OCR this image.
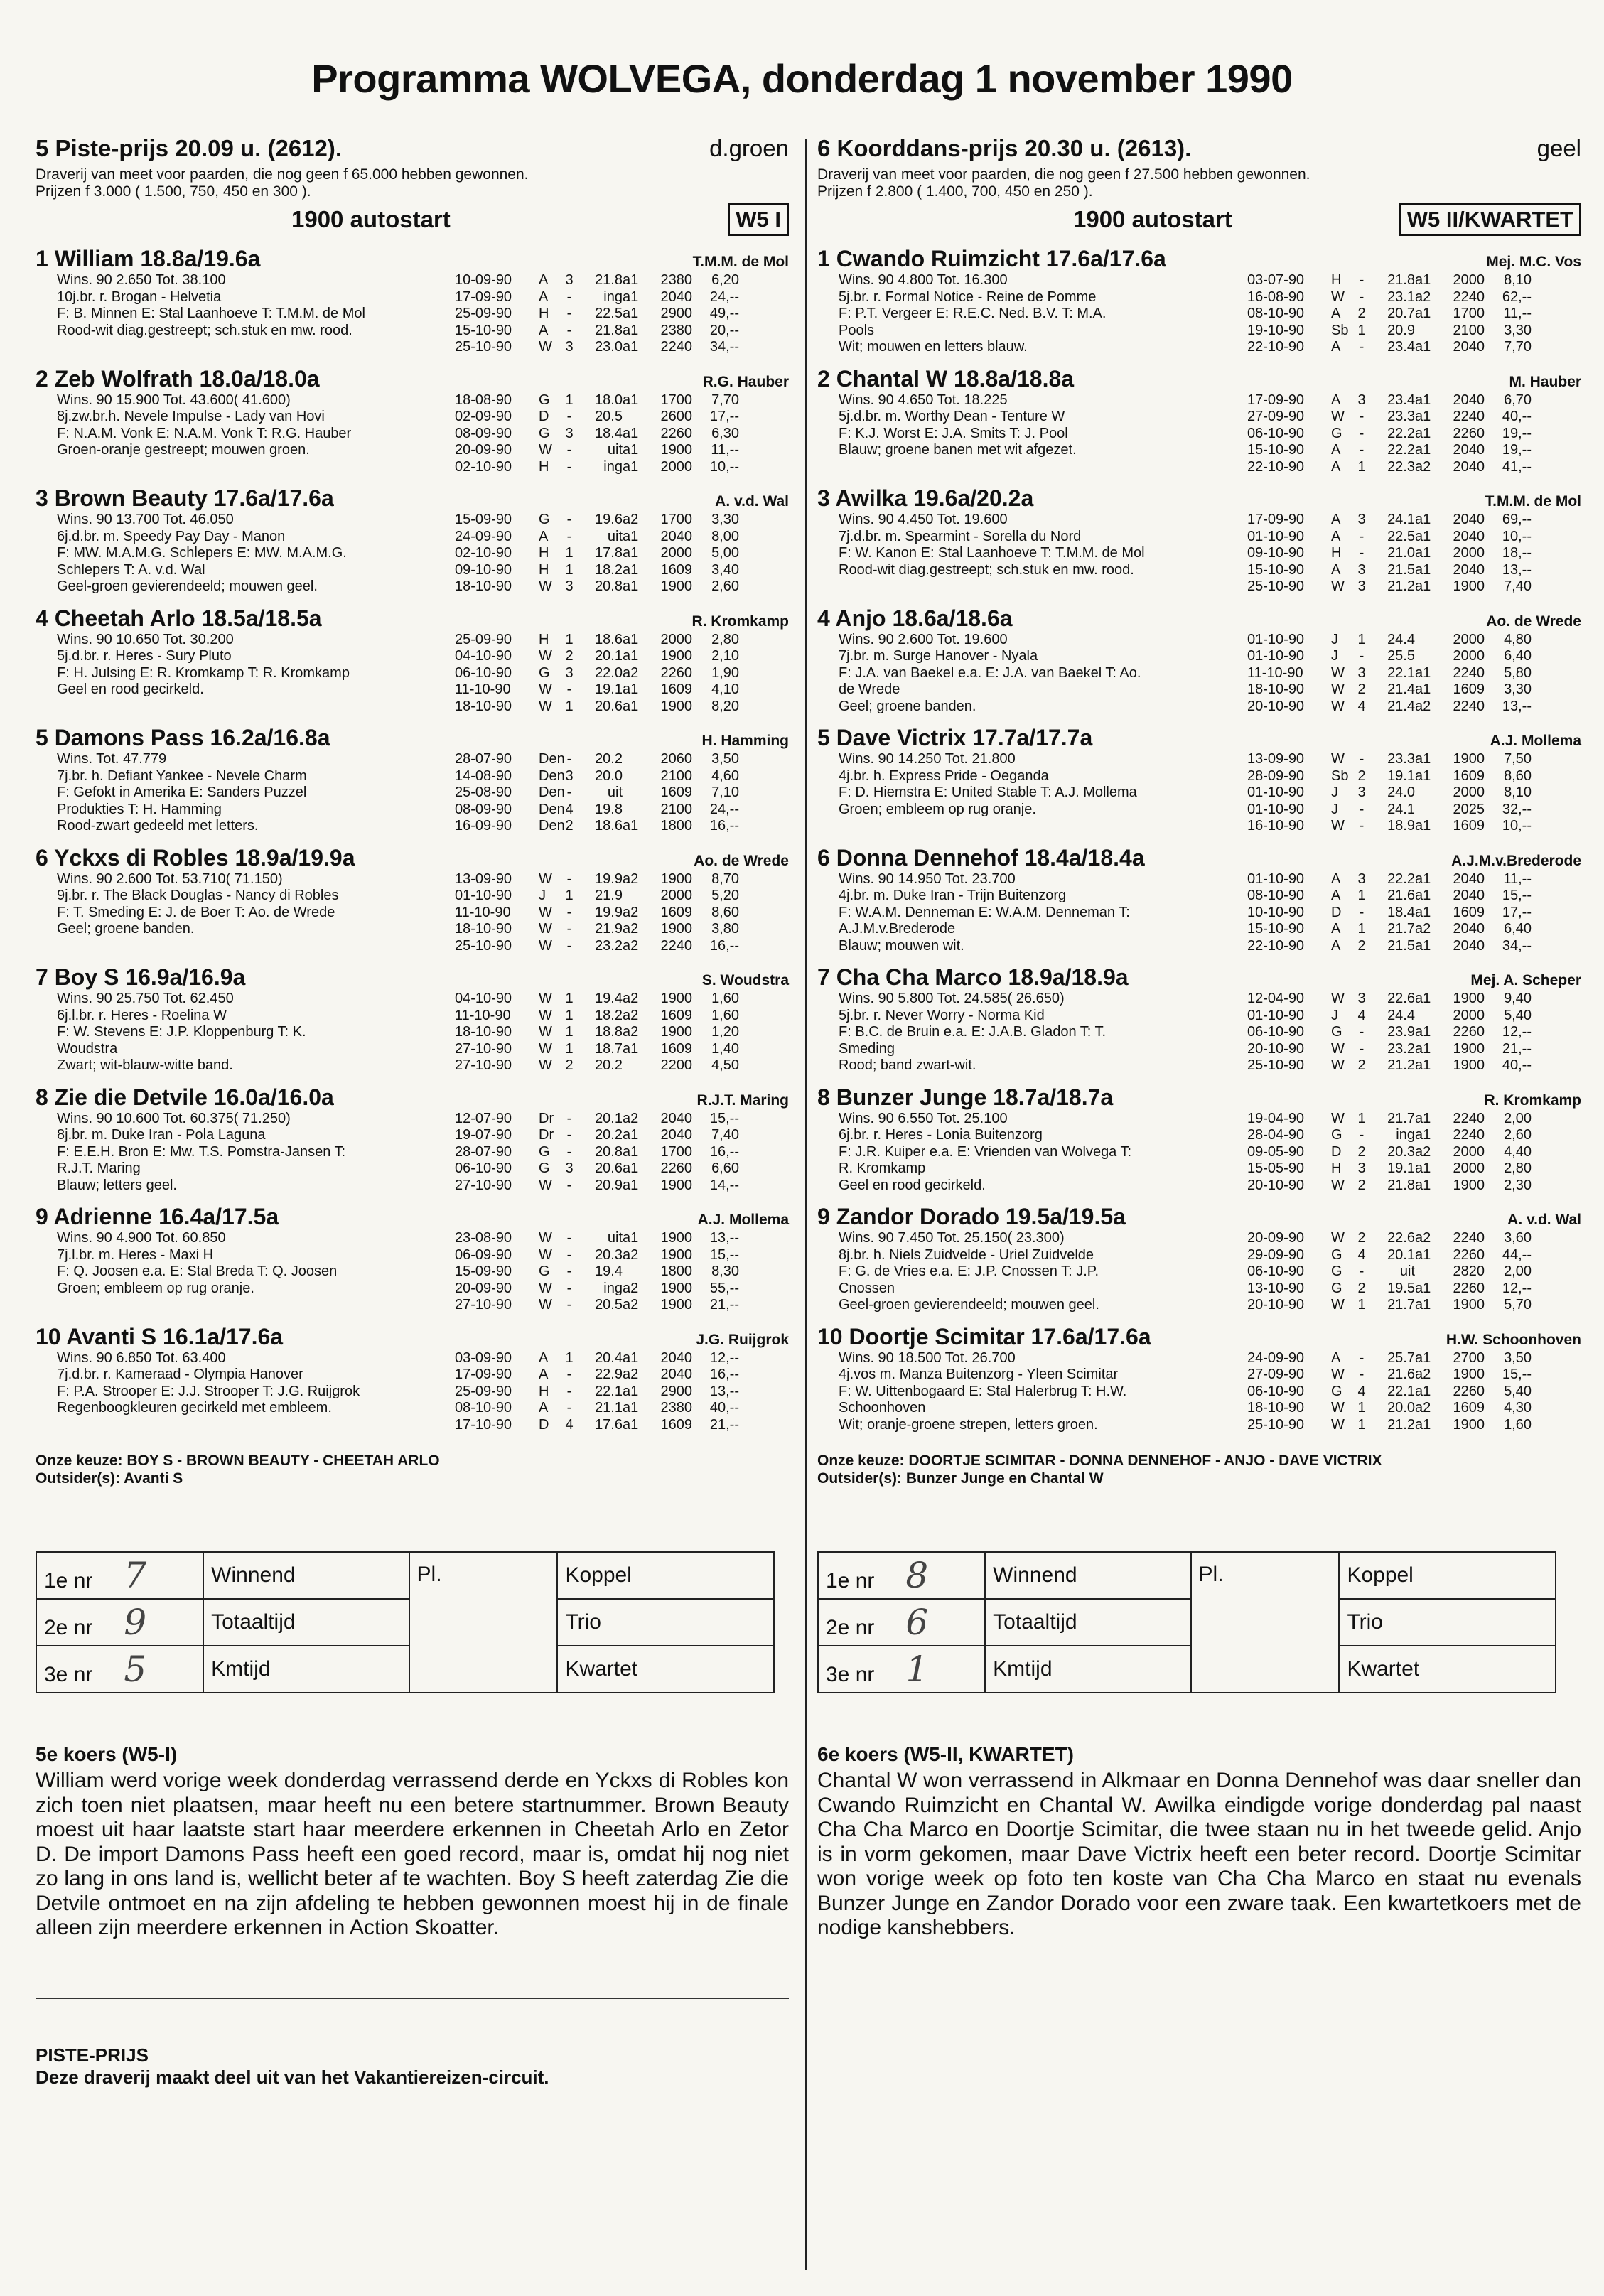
Programma WOLVEGA, donderdag 1 november 1990
5 Piste-prijs 20.09 u. (2612).	d.groen
Draverij van meet voor paarden, die nog geen f 65.000 hebben gewonnen.
Prijzen f 3.000 ( 1.500, 750, 450 en 300 ).
1900 autostart	W5 I
1 William 18.8a/19.6a	T.M.M. de Mol
Wins. 90 2.650 Tot. 38.100
10j.br. r. Brogan - Helvetia
F: B. Minnen E: Stal Laanhoeve T: T.M.M. de Mol
Rood-wit diag.gestreept; sch.stuk en mw. rood.
10-09-90	A	3	21.8 a1	2380	6,20
17-09-90	A	-	ing a1	2040	24,--
25-09-90	H	-	22.5 a1	2900	49,--
15-10-90	A	-	21.8 a1	2380	20,--
25-10-90	W 3	23.0 a1	2240	34,--
2 Zeb Wolfrath 18.0a/18.0a	R.G. Hauber
Wins. 90 15.900 Tot. 43.600( 41.600)
8j.zw.br.h. Nevele Impulse - Lady van Hovi
F: N.A.M. Vonk E: N.A.M. Vonk T: R.G. Hauber
Groen-oranje gestreept; mouwen groen.
18-08-90	G	1	18.0 a1	1700	7,70
02-09-90	D	-	20.5	2600	17,--
08-09-90	G	3	18.4 a1	2260	6,30
20-09-90	W	-	uit a1	1900	11,--
02-10-90	H	-	ing a1	2000	10,--
3 Brown Beauty 17.6a/17.6a	A. v.d. Wal
Wins. 90 13.700 Tot. 46.050
6j.d.br. m. Speedy Pay Day - Manon
F: MW. M.A.M.G. Schlepers E: MW. M.A.M.G.
Schlepers T: A. v.d. Wal
Geel-groen gevierendeeld; mouwen geel.
15-09-90	G	-	19.6 a2	1700	3,30
24-09-90	A	-	uit a1	2040	8,00
02-10-90	H	1	17.8 a1	2000	5,00
09-10-90	H	1	18.2 a1	1609	3,40
18-10-90	W 3	20.8 a1	1900	2,60
4 Cheetah Arlo 18.5a/18.5a	R. Kromkamp
Wins. 90 10.650 Tot. 30.200
5j.d.br. r. Heres - Sury Pluto
F: H. Julsing E: R. Kromkamp T: R. Kromkamp
Geel en rood gecirkeld.
25-09-90	H	1	18.6 a1	2000	2,80
04-10-90	W 2	20.1 a1	1900	2,10
06-10-90	G	3	22.0 a2	2260	1,90
11-10-90	W	-	19.1 a1	1609	4,10
18-10-90	W 1	20.6 a1	1900	8,20
5 Damons Pass 16.2a/16.8a	H. Hamming
Wins. Tot. 47.779
7j.br. h. Defiant Yankee - Nevele Charm
F: Gefokt in Amerika E: Sanders Puzzel
Produkties T: H. Hamming
Rood-zwart gedeeld met letters.
28-07-90	Den -	20.2	2060	3,50
14-08-90	Den 3	20.0	2100	4,60
25-08-90	Den -	uit	1609	7,10
08-09-90	Den 4	19.8	2100	24,--
16-09-90	Den 2	18.6 a1	1800	16,--
6 Yckxs di Robles 18.9a/19.9a	Ao. de Wrede
Wins. 90 2.600 Tot. 53.710( 71.150)
9j.br. r. The Black Douglas - Nancy di Robles
F: T. Smeding E: J. de Boer T: Ao. de Wrede
Geel; groene banden.
13-09-90	W	-	19.9 a2	1900	8,70
01-10-90	J	1	21.9	2000	5,20
11-10-90	W	-	19.9 a2	1609	8,60
18-10-90	W	-	21.9 a2	1900	3,80
25-10-90	W	-	23.2 a2	2240	16,--
7 Boy S 16.9a/16.9a	S. Woudstra
Wins. 90 25.750 Tot. 62.450
6j.l.br. r. Heres - Roelina W
F: W. Stevens E: J.P. Kloppenburg T: K.
Woudstra
Zwart; wit-blauw-witte band.
04-10-90	W 1	19.4 a2	1900	1,60
11-10-90	W 1	18.2 a2	1609	1,60
18-10-90	W 1	18.8 a2	1900	1,20
27-10-90	W 1	18.7 a1	1609	1,40
27-10-90	W 2	20.2	2200	4,50
8 Zie die Detvile 16.0a/16.0a	R.J.T. Maring
Wins. 90 10.600 Tot. 60.375( 71.250)
8j.br. m. Duke Iran - Pola Laguna
F: E.E.H. Bron E: Mw. T.S. Pomstra-Jansen T:
R.J.T. Maring
Blauw; letters geel.
12-07-90	Dr -	20.1 a2	2040	15,--
19-07-90	Dr -	20.2 a1	2040	7,40
28-07-90	G	-	20.8 a1	1700	16,--
06-10-90	G	3	20.6 a1	2260	6,60
27-10-90	W	-	20.9 a1	1900	14,--
9 Adrienne 16.4a/17.5a	A.J. Mollema
Wins. 90 4.900 Tot. 60.850
7j.l.br. m. Heres - Maxi H
F: Q. Joosen e.a. E: Stal Breda T: Q. Joosen
Groen; embleem op rug oranje.
23-08-90	W	-	uit a1	1900	13,--
06-09-90	W	-	20.3 a2	1900	15,--
15-09-90	G	-	19.4	1800	8,30
20-09-90	W	-	ing a2	1900	55,--
27-10-90	W	-	20.5 a2	1900	21,--
10 Avanti S 16.1a/17.6a	J.G. Ruijgrok
Wins. 90 6.850 Tot. 63.400
7j.d.br. r. Kameraad - Olympia Hanover
F: P.A. Strooper E: J.J. Strooper T: J.G. Ruijgrok
Regenboogkleuren gecirkeld met embleem.
03-09-90	A	1	20.4 a1	2040	12,--
17-09-90	A	-	22.9 a2	2040	16,--
25-09-90	H	-	22.1 a1	2900	13,--
08-10-90	A	-	21.1 a1	2380	40,--
17-10-90	D	4	17.6 a1	1609	21,--
Onze keuze: BOY S - BROWN BEAUTY - CHEETAH ARLO
Outsider(s): Avanti S
1e nr 7	Winnend	Pl.	Koppel
2e nr 9	Totaaltijd		Trio
3e nr 5	Kmtijd		Kwartet
5e koers (W5-I)

William werd vorige week donderdag verrassend derde en Yckxs di Robles kon zich toen niet plaatsen, maar heeft nu een betere startnummer. Brown Beauty moest uit haar laatste start haar meerdere erkennen in Cheetah Arlo en Zetor D. De import Damons Pass heeft een goed record, maar is, omdat hij nog niet zo lang in ons land is, wellicht beter af te wachten. Boy S heeft zaterdag Zie die Detvile ontmoet en na zijn afdeling te hebben gewonnen moest hij in de finale alleen zijn meerdere erkennen in Action Skoatter.

PISTE-PRIJS
Deze draverij maakt deel uit van het Vakantiereizen-circuit.
6 Koorddans-prijs 20.30 u. (2613).	geel
Draverij van meet voor paarden, die nog geen f 27.500 hebben gewonnen.
Prijzen f 2.800 ( 1.400, 700, 450 en 250 ).
1900 autostart	W5 II/KWARTET
1 Cwando Ruimzicht 17.6a/17.6a	Mej. M.C. Vos
Wins. 90 4.800 Tot. 16.300
5j.br. r. Formal Notice - Reine de Pomme
F: P.T. Vergeer E: R.E.C. Ned. B.V. T: M.A.
Pools
Wit; mouwen en letters blauw.
03-07-90	H	-	21.8 a1	2000	8,10
16-08-90	W	-	23.1 a2	2240	62,--
08-10-90	A	2	20.7 a1	1700	11,--
19-10-90	Sb 1	20.9	2100	3,30
22-10-90	A	-	23.4 a1	2040	7,70
2 Chantal W 18.8a/18.8a	M. Hauber
Wins. 90 4.650 Tot. 18.225
5j.d.br. m. Worthy Dean - Tenture W
F: K.J. Worst E: J.A. Smits T: J. Pool
Blauw; groene banen met wit afgezet.
17-09-90	A	3	23.4 a1	2040	6,70
27-09-90	W	-	23.3 a1	2240	40,--
06-10-90	G	-	22.2 a1	2260	19,--
15-10-90	A	-	22.2 a1	2040	19,--
22-10-90	A	1	22.3 a2	2040	41,--
3 Awilka 19.6a/20.2a	T.M.M. de Mol
Wins. 90 4.450 Tot. 19.600
7j.d.br. m. Spearmint - Sorella du Nord
F: W. Kanon E: Stal Laanhoeve T: T.M.M. de Mol
Rood-wit diag.gestreept; sch.stuk en mw. rood.
17-09-90	A	3	24.1 a1	2040	69,--
01-10-90	A	-	22.5 a1	2040	10,--
09-10-90	H	-	21.0 a1	2000	18,--
15-10-90	A	3	21.5 a1	2040	13,--
25-10-90	W 3	21.2 a1	1900	7,40
4 Anjo 18.6a/18.6a	Ao. de Wrede
Wins. 90 2.600 Tot. 19.600
7j.br. m. Surge Hanover - Nyala
F: J.A. van Baekel e.a. E: J.A. van Baekel T: Ao.
de Wrede
Geel; groene banden.
01-10-90	J	1	24.4	2000	4,80
01-10-90	J	-	25.5	2000	6,40
11-10-90	W 3	22.1 a1	2240	5,80
18-10-90	W 2	21.4 a1	1609	3,30
20-10-90	W 4	21.4 a2	2240	13,--
5 Dave Victrix 17.7a/17.7a	A.J. Mollema
Wins. 90 14.250 Tot. 21.800
4j.br. h. Express Pride - Oeganda
F: D. Hiemstra E: United Stable T: A.J. Mollema
Groen; embleem op rug oranje.
13-09-90	W	-	23.3 a1	1900	7,50
28-09-90	Sb 2	19.1 a1	1609	8,60
01-10-90	J	3	24.0	2000	8,10
01-10-90	J	-	24.1	2025	32,--
16-10-90	W	-	18.9 a1	1609	10,--
6 Donna Dennehof 18.4a/18.4a	A.J.M.v.Brederode
Wins. 90 14.950 Tot. 23.700
4j.br. m. Duke Iran - Trijn Buitenzorg
F: W.A.M. Denneman E: W.A.M. Denneman T:
A.J.M.v.Brederode
Blauw; mouwen wit.
01-10-90	A	3	22.2 a1	2040	11,--
08-10-90	A	1	21.6 a1	2040	15,--
10-10-90	D	-	18.4 a1	1609	17,--
15-10-90	A	1	21.7 a2	2040	6,40
22-10-90	A	2	21.5 a1	2040	34,--
7 Cha Cha Marco 18.9a/18.9a	Mej. A. Scheper
Wins. 90 5.800 Tot. 24.585( 26.650)
5j.br. r. Never Worry - Norma Kid
F: B.C. de Bruin e.a. E: J.A.B. Gladon T: T.
Smeding
Rood; band zwart-wit.
12-04-90	W 3	22.6 a1	1900	9,40
01-10-90	J	4	24.4	2000	5,40
06-10-90	G	-	23.9 a1	2260	12,--
20-10-90	W	-	23.2 a1	1900	21,--
25-10-90	W 2	21.2 a1	1900	40,--
8 Bunzer Junge 18.7a/18.7a	R. Kromkamp
Wins. 90 6.550 Tot. 25.100
6j.br. r. Heres - Lonia Buitenzorg
F: J.R. Kuiper e.a. E: Vrienden van Wolvega T:
R. Kromkamp
Geel en rood gecirkeld.
19-04-90	W 1	21.7 a1	2240	2,00
28-04-90	G	-	ing a1	2240	2,60
09-05-90	D	2	20.3 a2	2000	4,40
15-05-90	H	3	19.1 a1	2000	2,80
20-10-90	W 2	21.8 a1	1900	2,30
9 Zandor Dorado 19.5a/19.5a	A. v.d. Wal
Wins. 90 7.450 Tot. 25.150( 23.300)
8j.br. h. Niels Zuidvelde - Uriel Zuidvelde
F: G. de Vries e.a. E: J.P. Cnossen T: J.P.
Cnossen
Geel-groen gevierendeeld; mouwen geel.
20-09-90	W 2	22.6 a2	2240	3,60
29-09-90	G	4	20.1 a1	2260	44,--
06-10-90	G	-	uit	2820	2,00
13-10-90	G	2	19.5 a1	2260	12,--
20-10-90	W 1	21.7 a1	1900	5,70
10 Doortje Scimitar 17.6a/17.6a	H.W. Schoonhoven
Wins. 90 18.500 Tot. 26.700
4j.vos m. Manza Buitenzorg - Yleen Scimitar
F: W. Uittenbogaard E: Stal Halerbrug T: H.W.
Schoonhoven
Wit; oranje-groene strepen, letters groen.
24-09-90	A	-	25.7 a1	2700	3,50
27-09-90	W	-	21.6 a2	1900	15,--
06-10-90	G	4	22.1 a1	2260	5,40
18-10-90	W 1	20.0 a2	1609	4,30
25-10-90	W 1	21.2 a1	1900	1,60
Onze keuze: DOORTJE SCIMITAR - DONNA DENNEHOF - ANJO - DAVE VICTRIX
Outsider(s): Bunzer Junge en Chantal W
1e nr 8	Winnend	Pl.	Koppel
2e nr 6	Totaaltijd		Trio
3e nr 1	Kmtijd		Kwartet
6e koers (W5-II, KWARTET)

Chantal W won verrassend in Alkmaar en Donna Dennehof was daar sneller dan Cwando Ruimzicht en Chantal W. Awilka eindigde vorige donderdag pal naast Cha Cha Marco en Doortje Scimitar, die twee staan nu in het tweede gelid. Anjo is in vorm gekomen, maar Dave Victrix heeft een beter record. Doortje Scimitar won vorige week op foto ten koste van Cha Cha Marco en staat nu evenals Bunzer Junge en Zandor Dorado voor een zware taak. Een kwartetkoers met de nodige kanshebbers.
